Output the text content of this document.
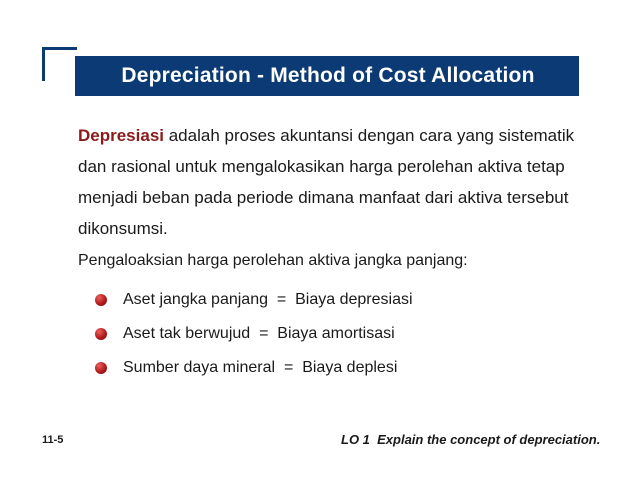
Depreciation - Method of Cost Allocation

Depresiasi adalah proses akuntansi dengan cara yang sistematik dan rasional untuk mengalokasikan harga perolehan aktiva tetap menjadi beban pada periode dimana manfaat dari aktiva tersebut dikonsumsi.

Pengaloaksian harga perolehan aktiva jangka panjang:

Aset jangka panjang  =  Biaya depresiasi
Aset tak berwujud  =  Biaya amortisasi
Sumber daya mineral  =  Biaya deplesi
11-5	LO 1  Explain the concept of depreciation.
